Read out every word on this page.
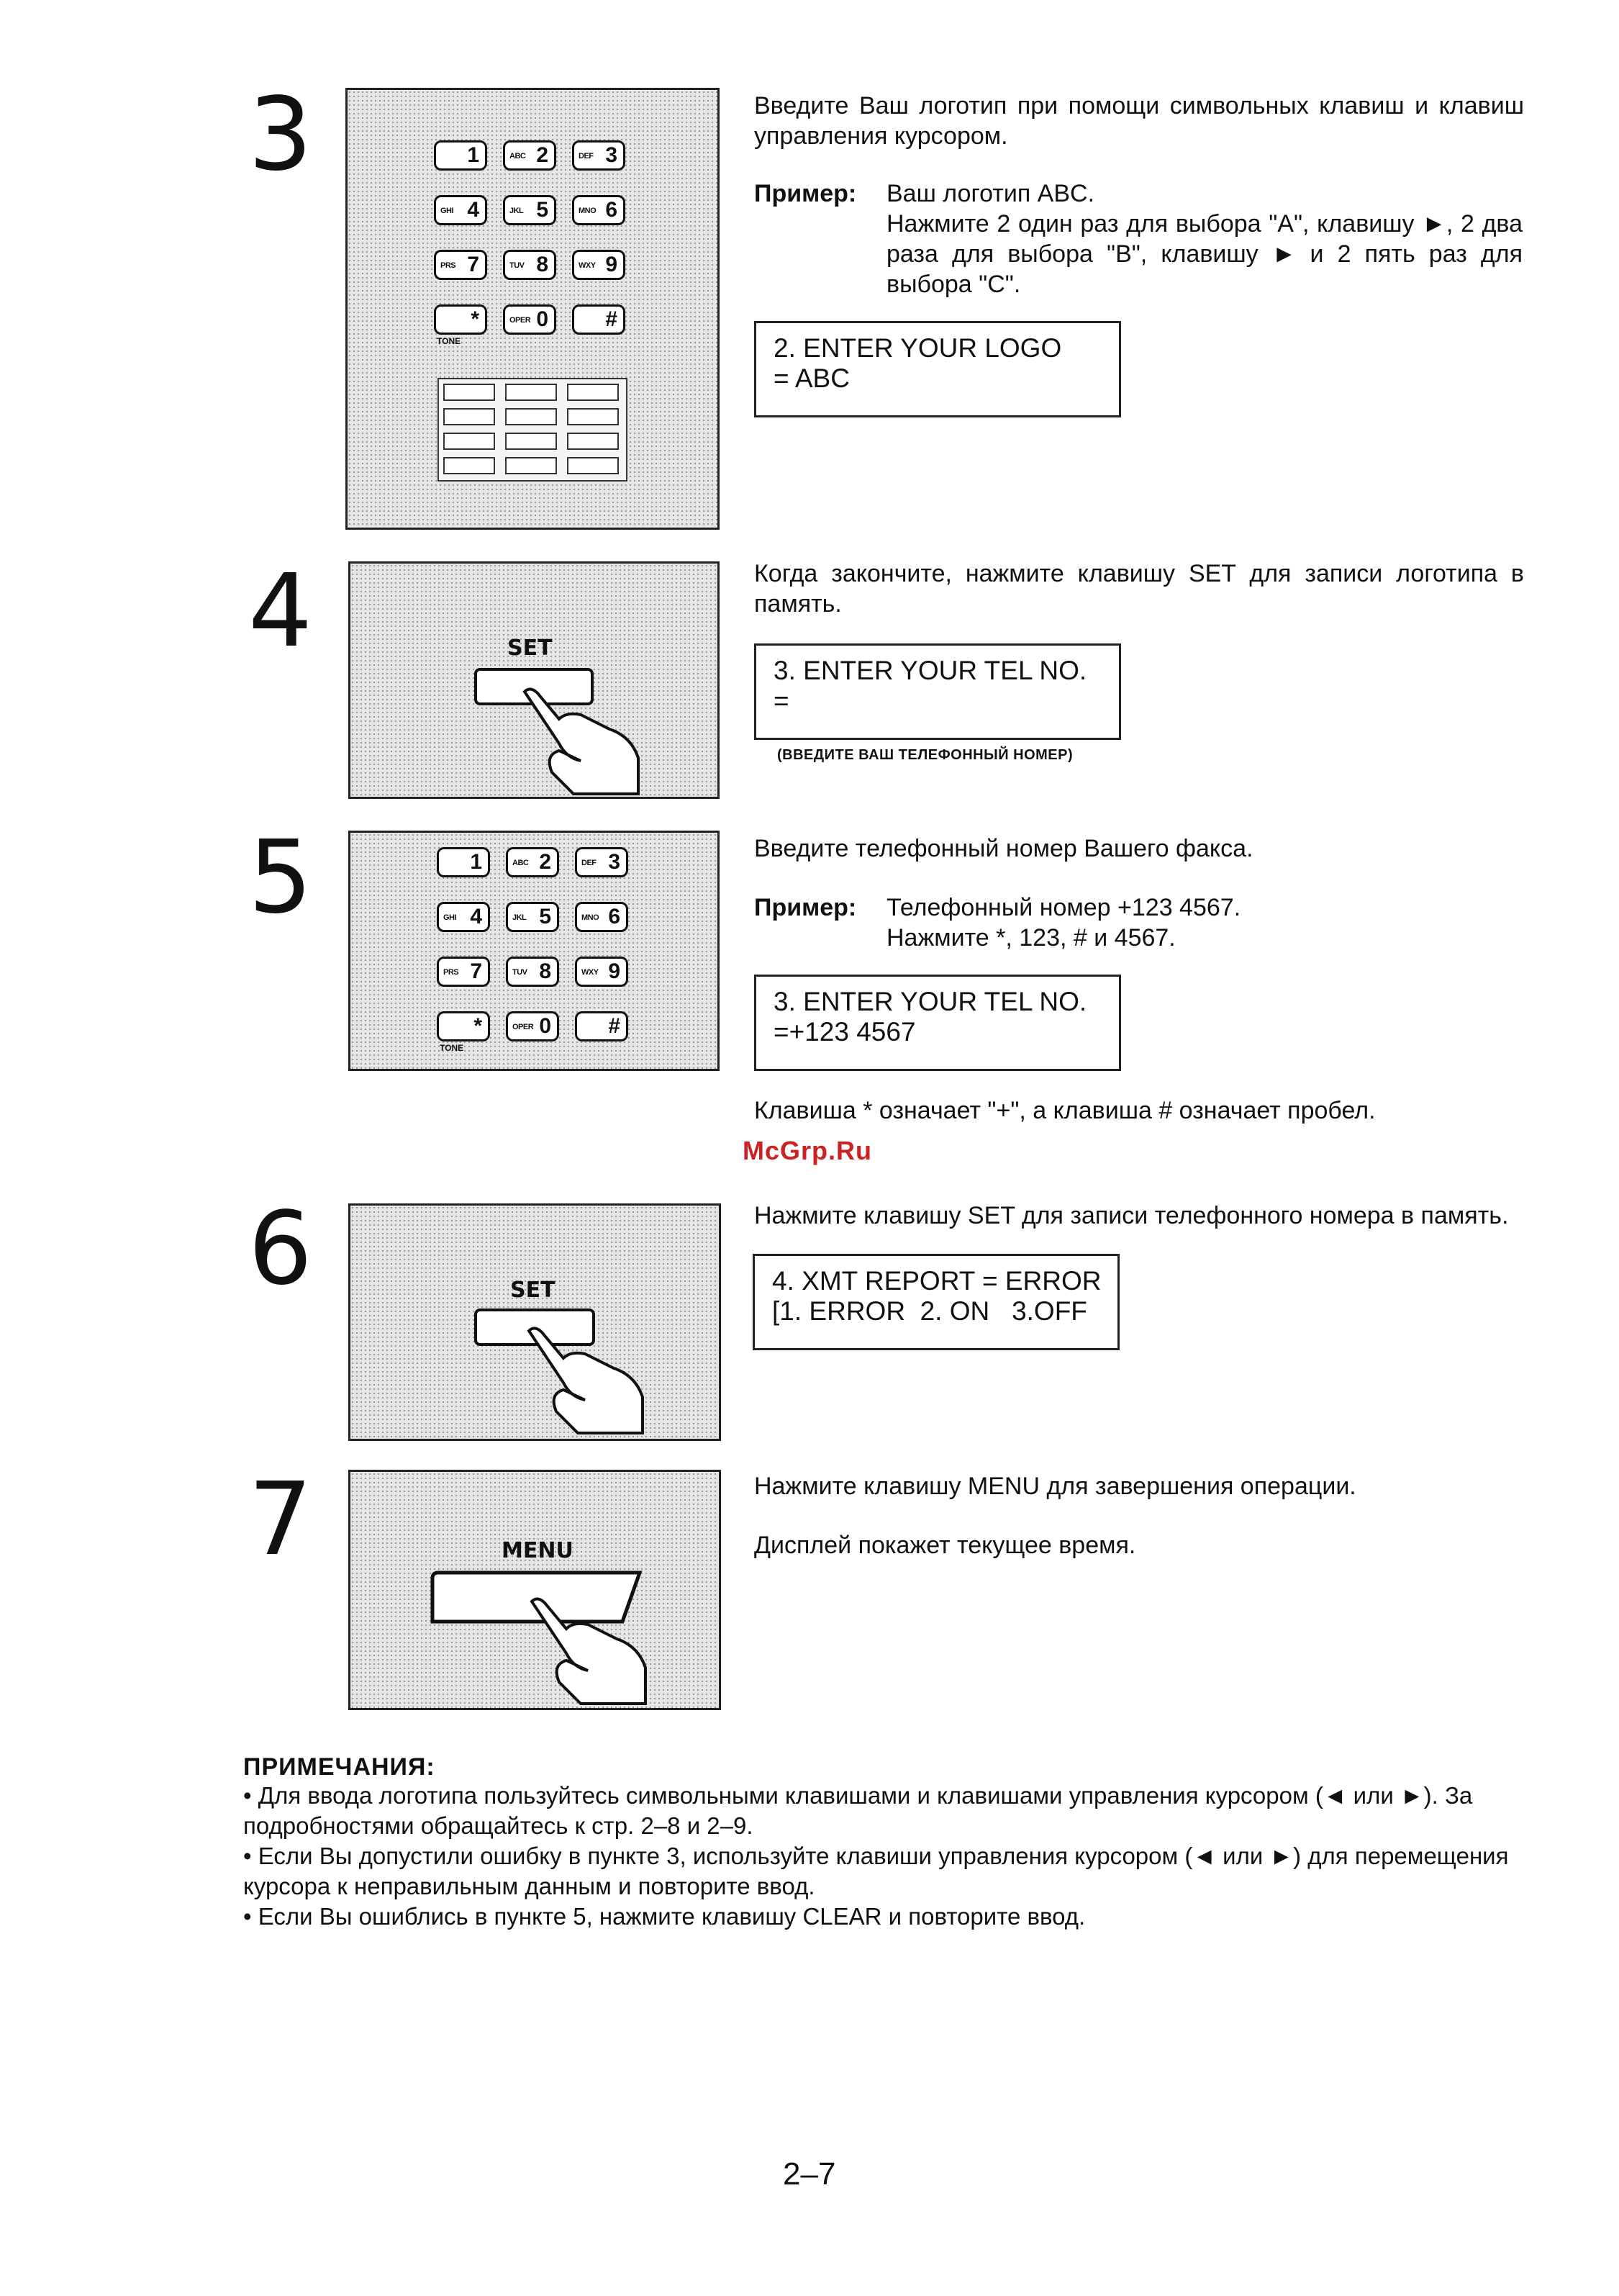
3	1	ABC 2	DEF 3
GHI 4	JKL 5	MNO 6
PRS 7	TUV 8	WXY 9
*	OPER 0	#
TONE
Введите Ваш логотип при помощи символьных клавиш и клавиш управления курсором.
Пример: Ваш логотип ABC.
Нажмите 2 один раз для выбора "A", клавишу ►, 2 два раза для выбора "B", клавишу ► и 2 пять раз для выбора "C".
2. ENTER YOUR LOGO
= ABC
4	SET
Когда закончите, нажмите клавишу SET для записи логотипа в память.
3. ENTER YOUR TEL NO.
=
(ВВЕДИТЕ ВАШ ТЕЛЕФОННЫЙ НОМЕР)
5	1	ABC 2	DEF 3
GHI 4	JKL 5	MNO 6
PRS 7	TUV 8	WXY 9
*	OPER 0	#
TONE
Введите телефонный номер Вашего факса.
Пример: Телефонный номер +123 4567.
Нажмите *, 123, # и 4567.
3. ENTER YOUR TEL NO.
=+123 4567
Клавиша * означает "+", а клавиша # означает пробел.
McGrp.Ru
6	SET
Нажмите клавишу SET для записи телефонного номера в память.
4. XMT REPORT = ERROR
[1. ERROR  2. ON   3.OFF
7	MENU
Нажмите клавишу MENU для завершения операции.
Дисплей покажет текущее время.
ПРИМЕЧАНИЯ:
• Для ввода логотипа пользуйтесь символьными клавишами и клавишами управления курсором (◄ или ►). За подробностями обращайтесь к стр. 2–8 и 2–9.
• Если Вы допустили ошибку в пункте 3, используйте клавиши управления курсором (◄ или ►) для перемещения курсора к неправильным данным и повторите ввод.
• Если Вы ошиблись в пункте 5, нажмите клавишу CLEAR и повторите ввод.
2–7
